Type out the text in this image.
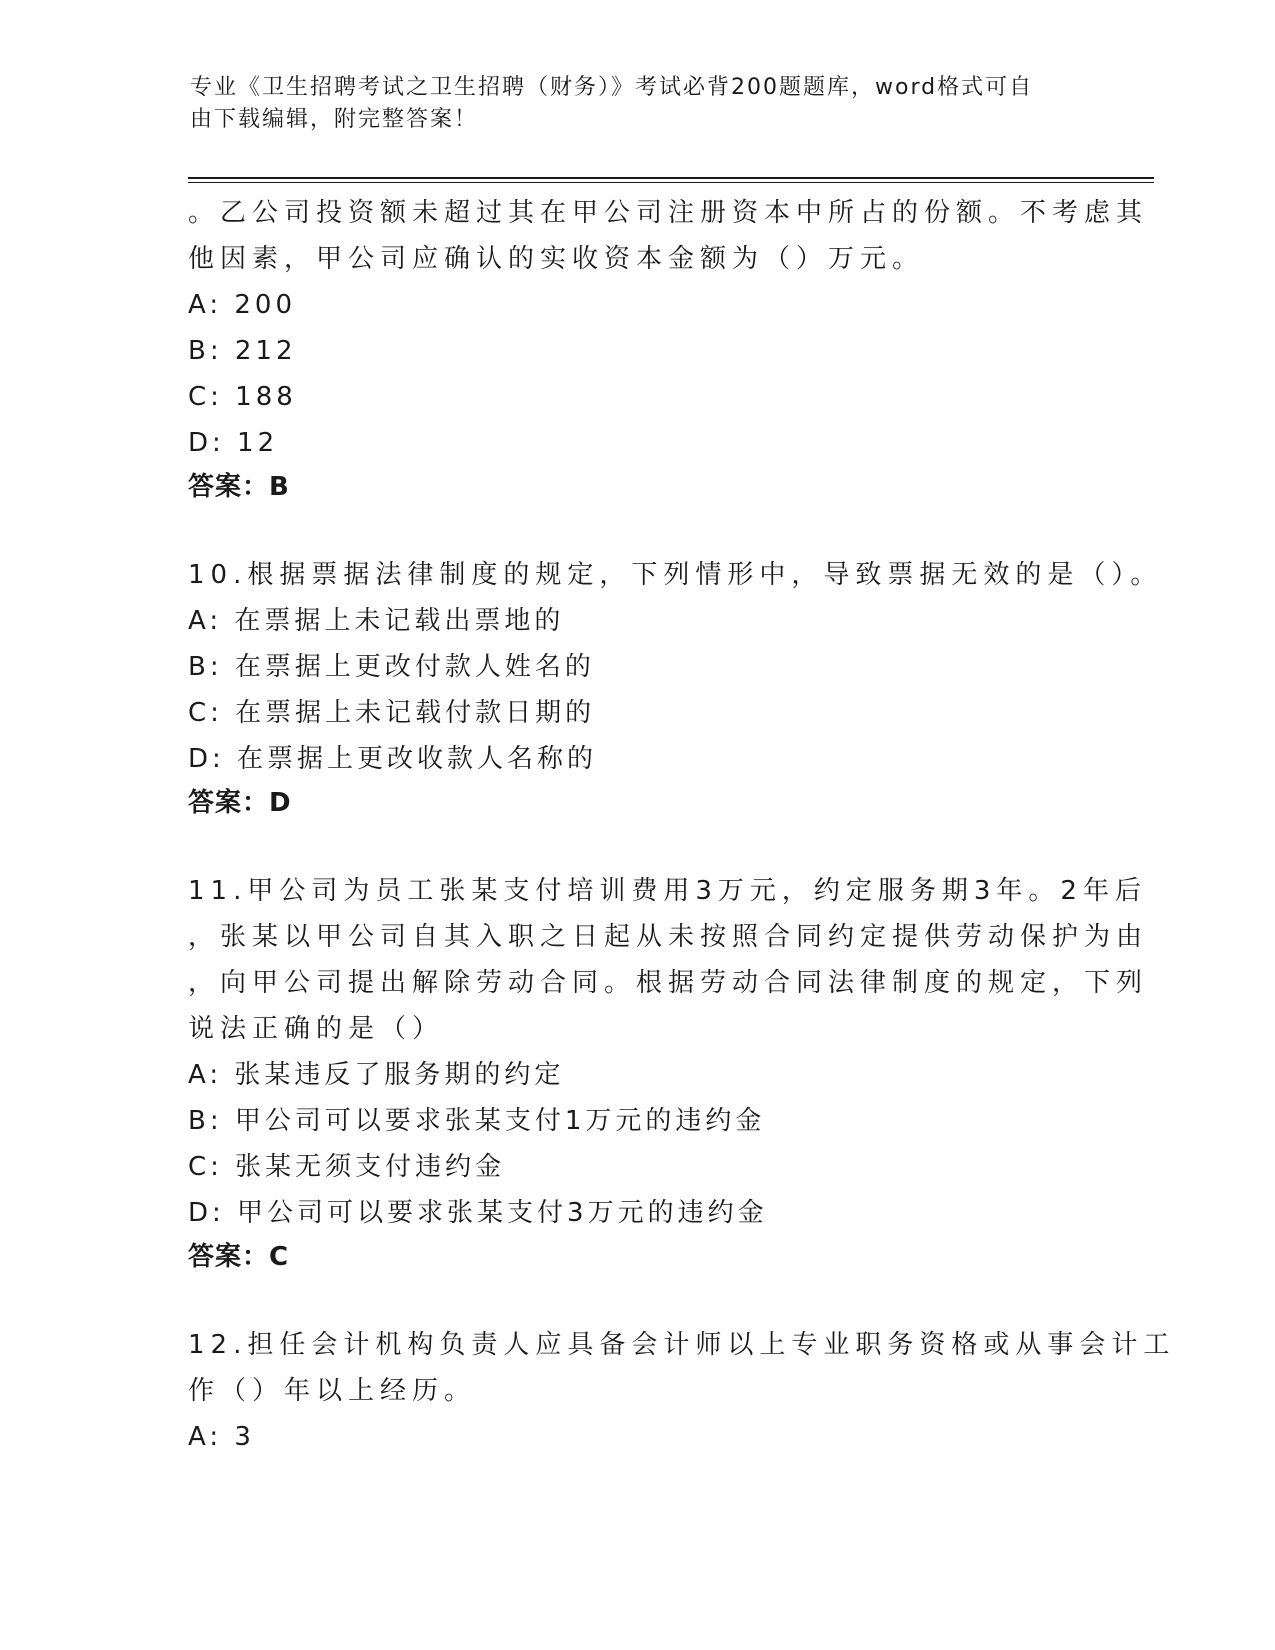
专业《卫生招聘考试之卫生招聘（财务）》考试必背200题题库，word格式可自
由下载编辑，附完整答案！
。乙公司投资额未超过其在甲公司注册资本中所占的份额。不考虑其
他因素，甲公司应确认的实收资本金额为（）万元。
A: 200
B: 212
C: 188
D: 12
答案：B
10.根据票据法律制度的规定，下列情形中，导致票据无效的是（）。
A: 在票据上未记载出票地的
B: 在票据上更改付款人姓名的
C: 在票据上未记载付款日期的
D: 在票据上更改收款人名称的
答案：D
11.甲公司为员工张某支付培训费用3万元，约定服务期3年。2年后
，张某以甲公司自其入职之日起从未按照合同约定提供劳动保护为由
，向甲公司提出解除劳动合同。根据劳动合同法律制度的规定，下列
说法正确的是（）
A: 张某违反了服务期的约定
B: 甲公司可以要求张某支付1万元的违约金
C: 张某无须支付违约金
D: 甲公司可以要求张某支付3万元的违约金
答案：C
12.担任会计机构负责人应具备会计师以上专业职务资格或从事会计工
作（）年以上经历。
A: 3
